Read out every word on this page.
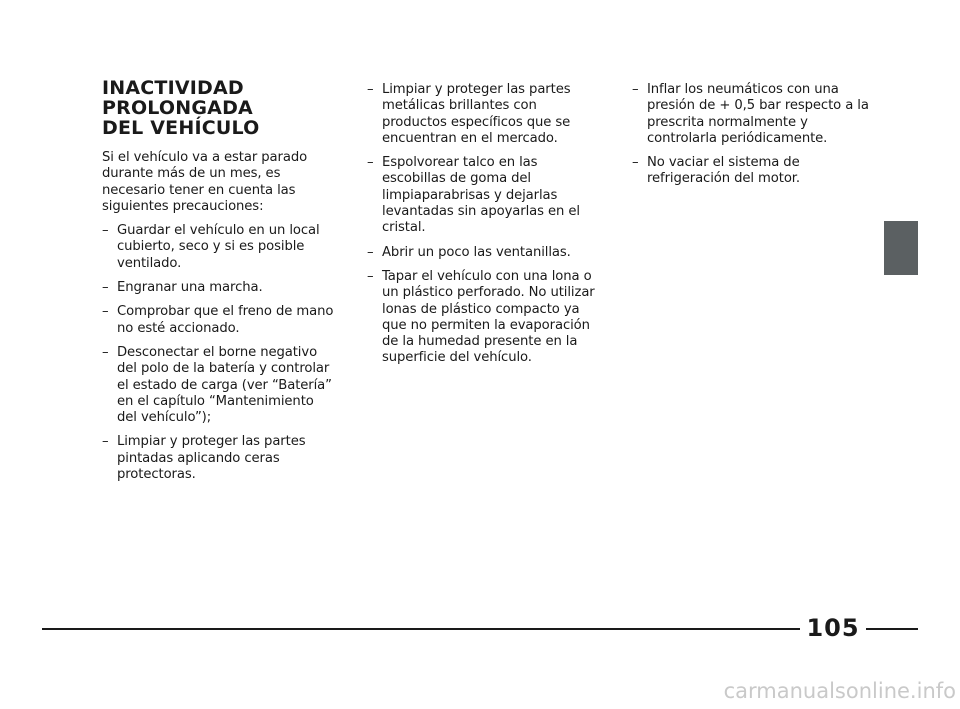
INACTIVIDAD
PROLONGADA
DEL VEHÍCULO

Si el vehículo va a estar parado durante más de un mes, es necesario tener en cuenta las siguientes precauciones:

– Guardar el vehículo en un local cubierto, seco y si es posible ventilado.
– Engranar una marcha.
– Comprobar que el freno de mano no esté accionado.
– Desconectar el borne negativo del polo de la batería y controlar el estado de carga (ver “Batería” en el capítulo “Mantenimiento del vehículo”);
– Limpiar y proteger las partes pintadas aplicando ceras protectoras.
– Limpiar y proteger las partes metálicas brillantes con productos específicos que se encuentran en el mercado.
– Espolvorear talco en las escobillas de goma del limpiaparabrisas y dejarlas levantadas sin apoyarlas en el cristal.
– Abrir un poco las ventanillas.
– Tapar el vehículo con una lona o un plástico perforado. No utilizar lonas de plástico compacto ya que no permiten la evaporación de la humedad presente en la superficie del vehículo.
– Inflar los neumáticos con una presión de + 0,5 bar respecto a la prescrita normalmente y controlarla periódicamente.
– No vaciar el sistema de refrigeración del motor.
105
carmanualsonline.info
